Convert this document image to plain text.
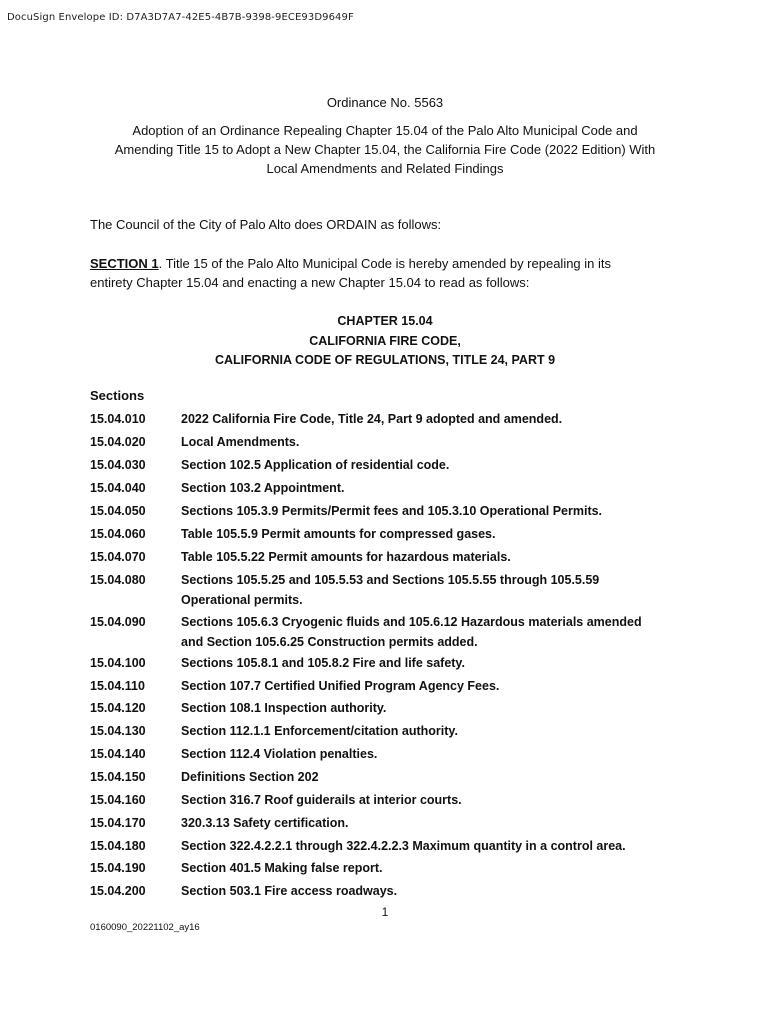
DocuSign Envelope ID: D7A3D7A7-42E5-4B7B-9398-9ECE93D9649F
Ordinance No. 5563
Adoption of an Ordinance Repealing Chapter 15.04 of the Palo Alto Municipal Code and
Amending Title 15 to Adopt a New Chapter 15.04, the California Fire Code (2022 Edition) With
Local Amendments and Related Findings
The Council of the City of Palo Alto does ORDAIN as follows:
SECTION 1. Title 15 of the Palo Alto Municipal Code is hereby amended by repealing in its
entirety Chapter 15.04 and enacting a new Chapter 15.04 to read as follows:
CHAPTER 15.04
CALIFORNIA FIRE CODE,
CALIFORNIA CODE OF REGULATIONS, TITLE 24, PART 9
Sections
15.04.010	2022 California Fire Code, Title 24, Part 9 adopted and amended.
15.04.020	Local Amendments.
15.04.030	Section 102.5 Application of residential code.
15.04.040	Section 103.2 Appointment.
15.04.050	Sections 105.3.9 Permits/Permit fees and 105.3.10 Operational Permits.
15.04.060	Table 105.5.9 Permit amounts for compressed gases.
15.04.070	Table 105.5.22 Permit amounts for hazardous materials.
15.04.080	Sections 105.5.25 and 105.5.53 and Sections 105.5.55 through 105.5.59
Operational permits.
15.04.090	Sections 105.6.3 Cryogenic fluids and 105.6.12 Hazardous materials amended
and Section 105.6.25 Construction permits added.
15.04.100	Sections 105.8.1 and 105.8.2 Fire and life safety.
15.04.110	Section 107.7 Certified Unified Program Agency Fees.
15.04.120	Section 108.1 Inspection authority.
15.04.130	Section 112.1.1 Enforcement/citation authority.
15.04.140	Section 112.4 Violation penalties.
15.04.150	Definitions Section 202
15.04.160	Section 316.7 Roof guiderails at interior courts.
15.04.170	320.3.13 Safety certification.
15.04.180	Section 322.4.2.2.1 through 322.4.2.2.3 Maximum quantity in a control area.
15.04.190	Section 401.5 Making false report.
15.04.200	Section 503.1 Fire access roadways.
1
0160090_20221102_ay16
